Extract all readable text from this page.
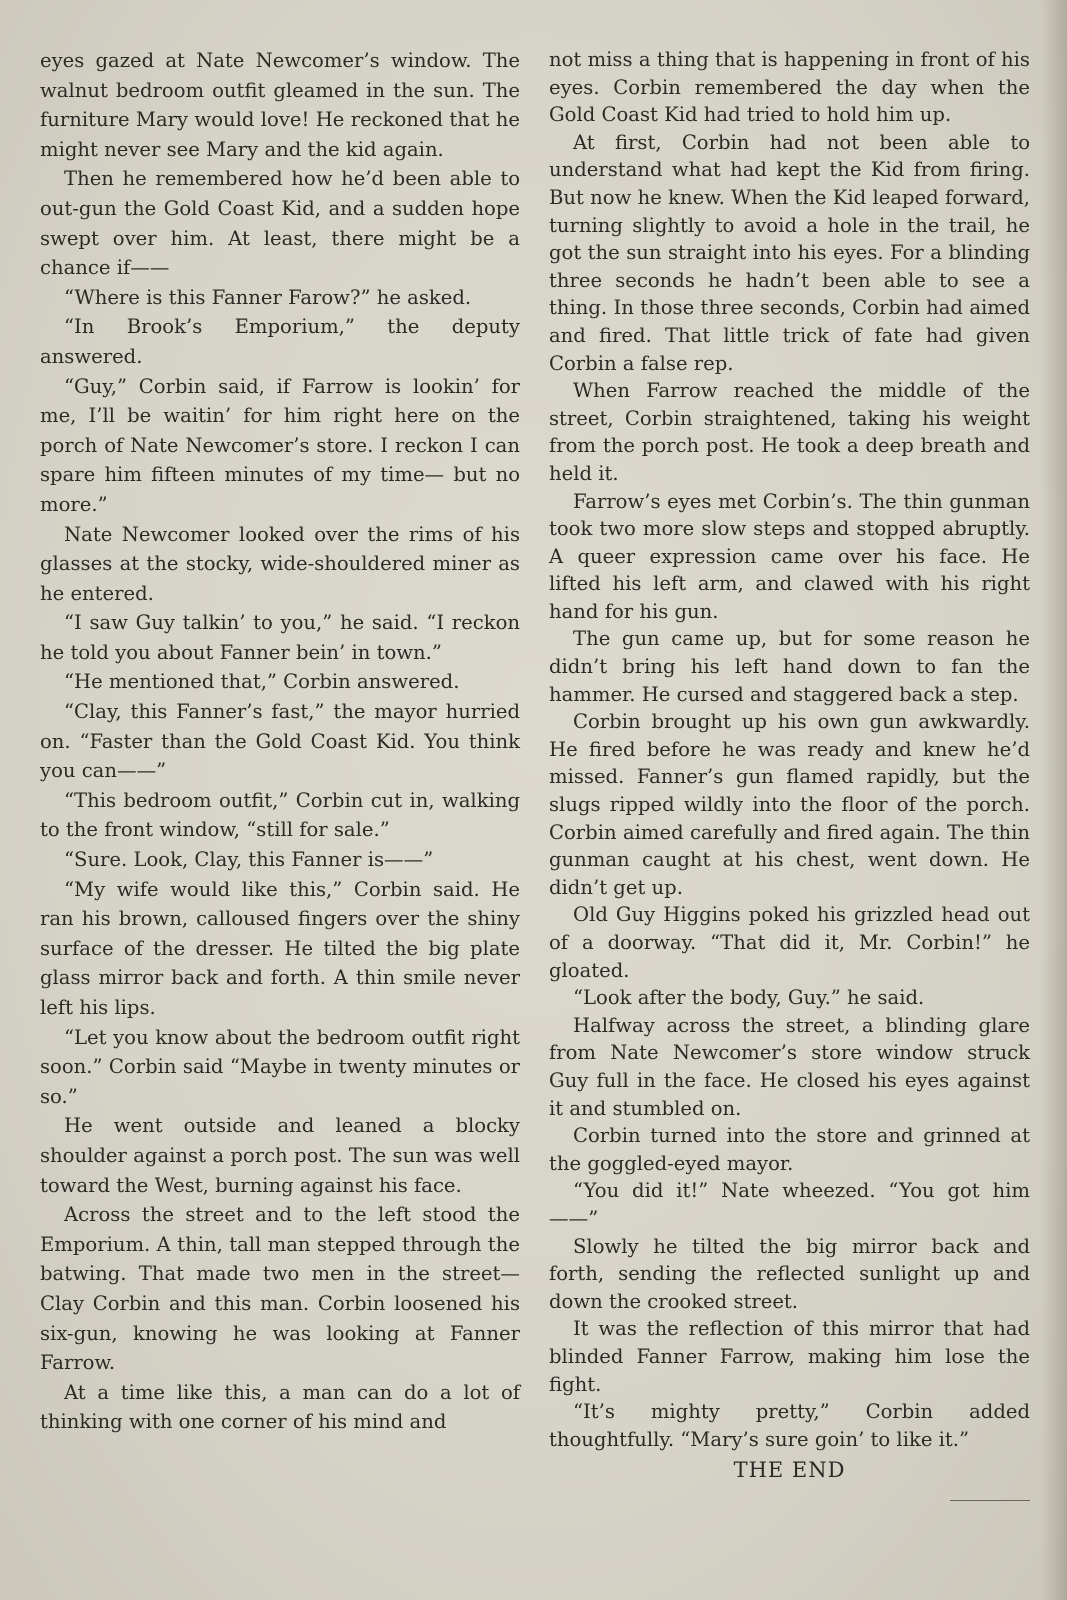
eyes gazed at Nate Newcomer’s window. The walnut bedroom outfit gleamed in the sun. The furniture Mary would love! He reckoned that he might never see Mary and the kid again.

Then he remembered how he’d been able to out-gun the Gold Coast Kid, and a sudden hope swept over him. At least, there might be a chance if——

“Where is this Fanner Farow?” he asked.

“In Brook’s Emporium,” the deputy answered.

“Guy,” Corbin said, if Farrow is lookin’ for me, I’ll be waitin’ for him right here on the porch of Nate Newcomer’s store. I reckon I can spare him fifteen minutes of my time— but no more.”

Nate Newcomer looked over the rims of his glasses at the stocky, wide-shouldered miner as he entered.

“I saw Guy talkin’ to you,” he said. “I reckon he told you about Fanner bein’ in town.”

“He mentioned that,” Corbin answered.

“Clay, this Fanner’s fast,” the mayor hurried on. “Faster than the Gold Coast Kid. You think you can——”

“This bedroom outfit,” Corbin cut in, walking to the front window, “still for sale.”

“Sure. Look, Clay, this Fanner is——”

“My wife would like this,” Corbin said. He ran his brown, calloused fingers over the shiny surface of the dresser. He tilted the big plate glass mirror back and forth. A thin smile never left his lips.

“Let you know about the bedroom outfit right soon.” Corbin said “Maybe in twenty minutes or so.”

He went outside and leaned a blocky shoulder against a porch post. The sun was well toward the West, burning against his face.

Across the street and to the left stood the Emporium. A thin, tall man stepped through the batwing. That made two men in the street—Clay Corbin and this man. Corbin loosened his six-gun, knowing he was looking at Fanner Farrow.

At a time like this, a man can do a lot of thinking with one corner of his mind and

not miss a thing that is happening in front of his eyes. Corbin remembered the day when the Gold Coast Kid had tried to hold him up.

At first, Corbin had not been able to understand what had kept the Kid from firing. But now he knew. When the Kid leaped forward, turning slightly to avoid a hole in the trail, he got the sun straight into his eyes. For a blinding three seconds he hadn’t been able to see a thing. In those three seconds, Corbin had aimed and fired. That little trick of fate had given Corbin a false rep.

When Farrow reached the middle of the street, Corbin straightened, taking his weight from the porch post. He took a deep breath and held it.

Farrow’s eyes met Corbin’s. The thin gunman took two more slow steps and stopped abruptly. A queer expression came over his face. He lifted his left arm, and clawed with his right hand for his gun.

The gun came up, but for some reason he didn’t bring his left hand down to fan the hammer. He cursed and staggered back a step.

Corbin brought up his own gun awkwardly. He fired before he was ready and knew he’d missed. Fanner’s gun flamed rapidly, but the slugs ripped wildly into the floor of the porch. Corbin aimed carefully and fired again. The thin gunman caught at his chest, went down. He didn’t get up.

Old Guy Higgins poked his grizzled head out of a doorway. “That did it, Mr. Corbin!” he gloated.

“Look after the body, Guy.” he said.

Halfway across the street, a blinding glare from Nate Newcomer’s store window struck Guy full in the face. He closed his eyes against it and stumbled on.

Corbin turned into the store and grinned at the goggled-eyed mayor.

“You did it!” Nate wheezed. “You got him——”

Slowly he tilted the big mirror back and forth, sending the reflected sunlight up and down the crooked street.

It was the reflection of this mirror that had blinded Fanner Farrow, making him lose the fight.

“It’s mighty pretty,” Corbin added thoughtfully. “Mary’s sure goin’ to like it.”

THE END
